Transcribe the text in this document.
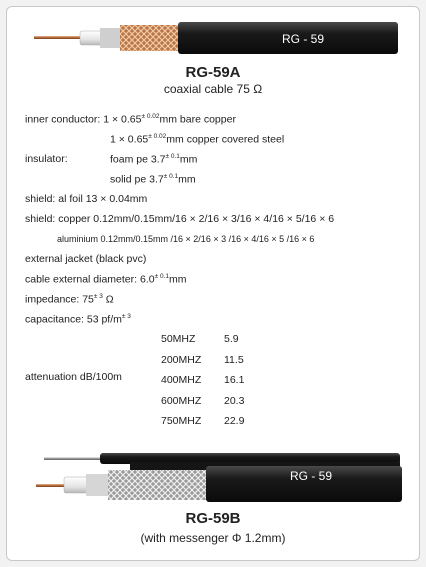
RG - 59
RG-59A
coaxial cable 75 Ω
inner conductor: $1 \times 0.65^{\pm 0.02}mm$ bare copper
$1 \times 0.65^{\pm 0.02}mm$ copper covered steel
insulator:	foam pe $3.7^{\pm 0.1}mm$
solid pe $3.7^{\pm 0.1}mm$
shield: al foil 13 × 0.04mm
shield: copper 0.12mm/0.15mm/16 × 2/16 × 3/16 × 4/16 × 5/16 × 6
aluminium 0.12mm/0.15mm /16 × 2/16 × 3 /16 × 4/16 × 5 /16 × 6
external jacket (black pvc)
cable external diameter: $6.0^{\pm 0.1}mm$
impedance: $75^{\pm 3}$ Ω
capacitance: 53 $pf/m^{\pm 3}$
attenuation dB/100m
50MHZ	5.9
200MHZ	11.5
400MHZ	16.1
600MHZ	20.3
750MHZ	22.9
RG - 59
RG-59B
(with messenger Φ 1.2mm)
